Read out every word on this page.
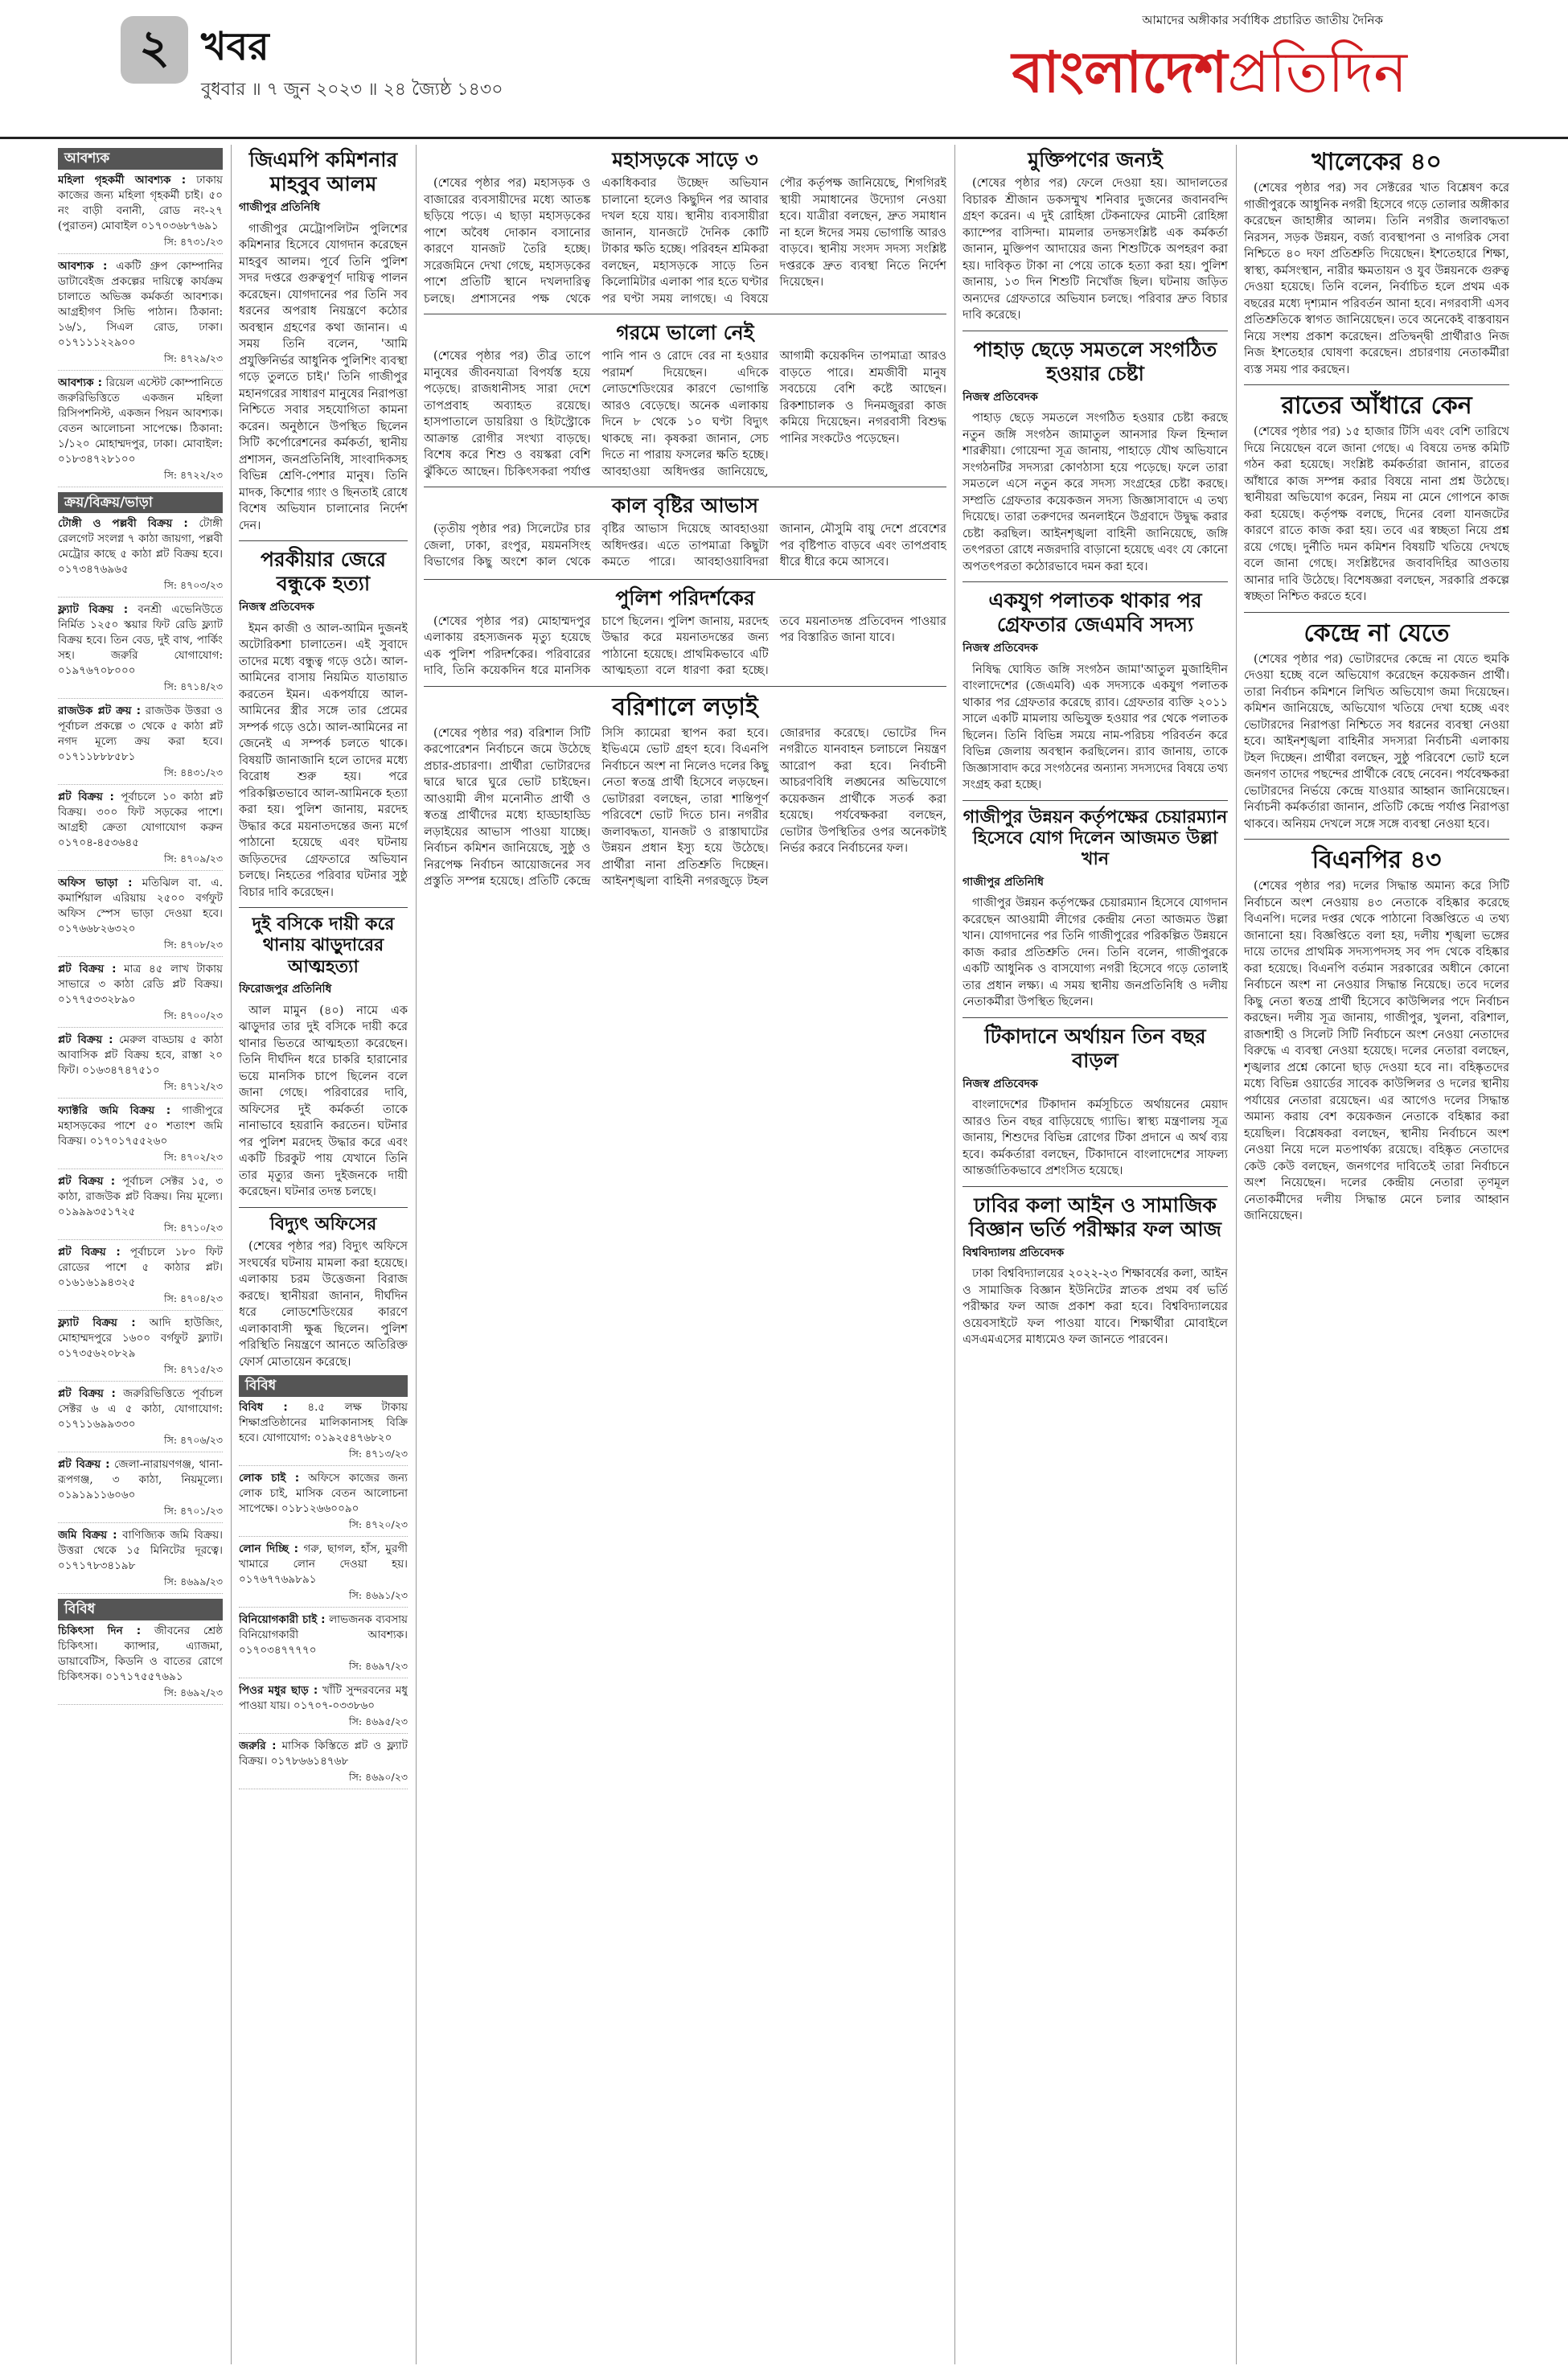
২ খবর
বুধবার ॥ ৭ জুন ২০২৩ ॥ ২৪ জ্যৈষ্ঠ ১৪৩০
আমাদের অঙ্গীকার সর্বাধিক প্রচারিত জাতীয় দৈনিক
বাংলাদেশপ্রতিদিন
আবশ্যক
মহিলা গৃহকর্মী আবশ্যক : ঢাকায় কাজের জন্য মহিলা গৃহকর্মী চাই। ৫০ নং বাড়ী বনানী, রোড নং-২৭ (পুরাতন) মোবাইল ০১৭০৩৬৮৭৬৯১
সি: ৪৭৩১/২৩
আবশ্যক : একটি গ্রুপ কোম্পানির ডাটাবেইজ প্রকল্পের দায়িত্বে কার্যক্রম চালাতে অভিজ্ঞ কর্মকর্তা আবশ্যক। আগ্রহীগণ সিভি পাঠান। ঠিকানা: ১৬/১, সিএল রোড, ঢাকা। ০১৭১১১২২৯০০
সি: ৪৭২৯/২৩
আবশ্যক : রিয়েল এস্টেট কোম্পানিতে জরুরিভিত্তিতে একজন মহিলা রিসিপশনিস্ট, একজন পিয়ন আবশ্যক। বেতন আলোচনা সাপেক্ষে। ঠিকানা: ১/১২০ মোহাম্মদপুর, ঢাকা। মোবাইল: ০১৮৩৪৭২৮১০০
সি: ৪৭২২/২৩
ক্রয়/বিক্রয়/ভাড়া
টোঙ্গী ও পল্লবী বিক্রয় : টোঙ্গী রেলগেট সংলগ্ন ৭ কাঠা জায়গা, পল্লবী মেট্রোর কাছে ৫ কাঠা প্লট বিক্রয় হবে। ০১৭৩৪৭৬৯৬৫
সি: ৪৭০৩/২৩
ফ্ল্যাট বিক্রয় : বনশ্রী এভেনিউতে নির্মিত ১২৫০ স্কয়ার ফিট রেডি ফ্ল্যাট বিক্রয় হবে। তিন বেড, দুই বাথ, পার্কিং সহ। জরুরি যোগাযোগ: ০১৯৭৬৭০৮০০০
সি: ৪৭১৪/২৩
রাজউক প্লট ক্রয় : রাজউক উত্তরা ও পূর্বাচল প্রকল্পে ৩ থেকে ৫ কাঠা প্লট নগদ মূল্যে ক্রয় করা হবে। ০১৭১১৮৮৮৫৮১
সি: ৪৪৩১/২৩
প্লট বিক্রয় : পূর্বাচলে ১০ কাঠা প্লট বিক্রয়। ৩০০ ফিট সড়কের পাশে। আগ্রহী ক্রেতা যোগাযোগ করুন ০১৭০৪-৪৫৩৬৪৫
সি: ৪৭০৯/২৩
অফিস ভাড়া : মতিঝিল বা. এ. কমার্শিয়াল এরিয়ায় ২৫০০ বর্গফুট অফিস স্পেস ভাড়া দেওয়া হবে। ০১৭৬৬৮২৬৩২০
সি: ৪৭০৮/২৩
প্লট বিক্রয় : মাত্র ৪৫ লাখ টাকায় সাভারে ৩ কাঠা রেডি প্লট বিক্রয়। ০১৭৭৫৩৩২৮৯০
সি: ৪৭০০/২৩
প্লট বিক্রয় : মেরুল বাড্ডায় ৫ কাঠা আবাসিক প্লট বিক্রয় হবে, রাস্তা ২০ ফিট। ০১৬৩৪৭৪৭৫১০
সি: ৪৭১২/২৩
ফ্যাক্টরি জমি বিক্রয় : গাজীপুরে মহাসড়কের পাশে ৫০ শতাংশ জমি বিক্রয়। ০১৭০১৭৫৫২৬০
সি: ৪৭০২/২৩
প্লট বিক্রয় : পূর্বাচল সেক্টর ১৫, ৩ কাঠা, রাজউক প্লট বিক্রয়। নিয় মূল্যে। ০১৯৯৯৩৫১৭২৫
সি: ৪৭১০/২৩
প্লট বিক্রয় : পূর্বাচলে ১৮০ ফিট রোডের পাশে ৫ কাঠার প্লট। ০১৬১৬১৯৪৩২৫
সি: ৪৭০৪/২৩
ফ্ল্যাট বিক্রয় : আদি হাউজিং, মোহাম্মদপুরে ১৬০০ বর্গফুট ফ্ল্যাট। ০১৭৩৫৬২০৮২৯
সি: ৪৭১৫/২৩
প্লট বিক্রয় : জরুরিভিত্তিতে পূর্বাচল সেক্টর ৬ এ ৫ কাঠা, যোগাযোগ: ০১৭১১৬৯৯৩৩০
সি: ৪৭০৬/২৩
প্লট বিক্রয় : জেলা-নারায়ণগঞ্জ, থানা-রূপগঞ্জ, ৩ কাঠা, নিয়মূল্যে। ০১৯১৯১১৬০৬০
সি: ৪৭০১/২৩
জমি বিক্রয় : বাণিজ্যিক জমি বিক্রয়। উত্তরা থেকে ১৫ মিনিটের দূরত্বে। ০১৭১৭৮৩৪১৯৮
সি: ৪৬৯৯/২৩
বিবিধ
চিকিৎসা দিন : জীবনের শ্রেষ্ঠ চিকিৎসা। ক্যান্সার, এ্যাজমা, ডায়াবেটিস, কিডনি ও বাতের রোগে চিকিৎসক। ০১৭১৭৫৫৭৬৯১
সি: ৪৬৯২/২৩
জিএমপি কমিশনার মাহবুব আলম
গাজীপুর প্রতিনিধি

গাজীপুর মেট্রোপলিটন পুলিশের কমিশনার হিসেবে যোগদান করেছেন মাহবুব আলম। পূর্বে তিনি পুলিশ সদর দপ্তরে গুরুত্বপূর্ণ দায়িত্ব পালন করেছেন। যোগদানের পর তিনি সব ধরনের অপরাধ নিয়ন্ত্রণে কঠোর অবস্থান গ্রহণের কথা জানান। এ সময় তিনি বলেন, 'আমি প্রযুক্তিনির্ভর আধুনিক পুলিশিং ব্যবস্থা গড়ে তুলতে চাই।' তিনি গাজীপুর মহানগরের সাধারণ মানুষের নিরাপত্তা নিশ্চিতে সবার সহযোগিতা কামনা করেন। অনুষ্ঠানে উপস্থিত ছিলেন সিটি কর্পোরেশনের কর্মকর্তা, স্থানীয় প্রশাসন, জনপ্রতিনিধি, সাংবাদিকসহ বিভিন্ন শ্রেণি-পেশার মানুষ। তিনি মাদক, কিশোর গ্যাং ও ছিনতাই রোধে বিশেষ অভিযান চালানোর নির্দেশ দেন।

পরকীয়ার জেরে বন্ধুকে হত্যা
নিজস্ব প্রতিবেদক

ইমন কাজী ও আল-আমিন দুজনই অটোরিকশা চালাতেন। এই সুবাদে তাদের মধ্যে বন্ধুত্ব গড়ে ওঠে। আল-আমিনের বাসায় নিয়মিত যাতায়াত করতেন ইমন। একপর্যায়ে আল-আমিনের স্ত্রীর সঙ্গে তার প্রেমের সম্পর্ক গড়ে ওঠে। আল-আমিনের না জেনেই এ সম্পর্ক চলতে থাকে। বিষয়টি জানাজানি হলে তাদের মধ্যে বিরোধ শুরু হয়। পরে পরিকল্পিতভাবে আল-আমিনকে হত্যা করা হয়। পুলিশ জানায়, মরদেহ উদ্ধার করে ময়নাতদন্তের জন্য মর্গে পাঠানো হয়েছে এবং ঘটনায় জড়িতদের গ্রেফতারে অভিযান চলছে। নিহতের পরিবার ঘটনার সুষ্ঠু বিচার দাবি করেছেন।

দুই বসিকে দায়ী করে থানায় ঝাড়ুদারের আত্মহত্যা
ফিরোজপুর প্রতিনিধি

আল মামুন (৪০) নামে এক ঝাড়ুদার তার দুই বসিকে দায়ী করে থানার ভিতরে আত্মহত্যা করেছেন। তিনি দীর্ঘদিন ধরে চাকরি হারানোর ভয়ে মানসিক চাপে ছিলেন বলে জানা গেছে। পরিবারের দাবি, অফিসের দুই কর্মকর্তা তাকে নানাভাবে হয়রানি করতেন। ঘটনার পর পুলিশ মরদেহ উদ্ধার করে এবং একটি চিরকুট পায় যেখানে তিনি তার মৃত্যুর জন্য দুইজনকে দায়ী করেছেন। ঘটনার তদন্ত চলছে।

বিদ্যুৎ অফিসের

(শেষের পৃষ্ঠার পর) বিদ্যুৎ অফিসে সংঘর্ষের ঘটনায় মামলা করা হয়েছে। এলাকায় চরম উত্তেজনা বিরাজ করছে। স্থানীয়রা জানান, দীর্ঘদিন ধরে লোডশেডিংয়ের কারণে এলাকাবাসী ক্ষুব্ধ ছিলেন। পুলিশ পরিস্থিতি নিয়ন্ত্রণে আনতে অতিরিক্ত ফোর্স মোতায়েন করেছে।

বিবিধ
বিবিধ : ৪.৫ লক্ষ টাকায় শিক্ষাপ্রতিষ্ঠানের মালিকানাসহ বিক্রি হবে। যোগাযোগ: ০১৯২৫৪৭৬৮২০
সি: ৪৭১৩/২৩
লোক চাই : অফিসে কাজের জন্য লোক চাই, মাসিক বেতন আলোচনা সাপেক্ষে। ০১৮১২৬৬০০৯০
সি: ৪৭২০/২৩
লোন দিচ্ছি : গরু, ছাগল, হাঁস, মুরগী খামারে লোন দেওয়া হয়। ০১৭৬৭৭৬৯৮৯১
সি: ৪৬৯১/২৩
বিনিয়োগকারী চাই : লাভজনক ব্যবসায় বিনিয়োগকারী আবশ্যক। ০১৭০৩৪৭৭৭৭০
সি: ৪৬৯৭/২৩
পিওর মধুর ছাড় : খাঁটি সুন্দরবনের মধু পাওয়া যায়। ০১৭০৭-০৩৩৮৬০
সি: ৪৬৯৫/২৩
জরুরি : মাসিক কিস্তিতে প্লট ও ফ্ল্যাট বিক্রয়। ০১৭৮৬৬১৪৭৬৮
সি: ৪৬৯০/২৩
মহাসড়কে সাড়ে ৩

(শেষের পৃষ্ঠার পর) মহাসড়ক ও বাজারের ব্যবসায়ীদের মধ্যে আতঙ্ক ছড়িয়ে পড়ে। এ ছাড়া মহাসড়কের পাশে অবৈধ দোকান বসানোর কারণে যানজট তৈরি হচ্ছে। সরেজমিনে দেখা গেছে, মহাসড়কের পাশে প্রতিটি স্থানে দখলদারিত্ব চলছে। প্রশাসনের পক্ষ থেকে একাধিকবার উচ্ছেদ অভিযান চালানো হলেও কিছুদিন পর আবার দখল হয়ে যায়। স্থানীয় ব্যবসায়ীরা জানান, যানজটে দৈনিক কোটি টাকার ক্ষতি হচ্ছে। পরিবহন শ্রমিকরা বলছেন, মহাসড়কে সাড়ে তিন কিলোমিটার এলাকা পার হতে ঘণ্টার পর ঘণ্টা সময় লাগছে। এ বিষয়ে পৌর কর্তৃপক্ষ জানিয়েছে, শিগগিরই স্থায়ী সমাধানের উদ্যোগ নেওয়া হবে। যাত্রীরা বলছেন, দ্রুত সমাধান না হলে ঈদের সময় ভোগান্তি আরও বাড়বে। স্থানীয় সংসদ সদস্য সংশ্লিষ্ট দপ্তরকে দ্রুত ব্যবস্থা নিতে নির্দেশ দিয়েছেন।

গরমে ভালো নেই

(শেষের পৃষ্ঠার পর) তীব্র তাপে মানুষের জীবনযাত্রা বিপর্যস্ত হয়ে পড়েছে। রাজধানীসহ সারা দেশে তাপপ্রবাহ অব্যাহত রয়েছে। হাসপাতালে ডায়রিয়া ও হিটস্ট্রোকে আক্রান্ত রোগীর সংখ্যা বাড়ছে। বিশেষ করে শিশু ও বয়স্করা বেশি ঝুঁকিতে আছেন। চিকিৎসকরা পর্যাপ্ত পানি পান ও রোদে বের না হওয়ার পরামর্শ দিয়েছেন। এদিকে লোডশেডিংয়ের কারণে ভোগান্তি আরও বেড়েছে। অনেক এলাকায় দিনে ৮ থেকে ১০ ঘণ্টা বিদ্যুৎ থাকছে না। কৃষকরা জানান, সেচ দিতে না পারায় ফসলের ক্ষতি হচ্ছে। আবহাওয়া অধিদপ্তর জানিয়েছে, আগামী কয়েকদিন তাপমাত্রা আরও বাড়তে পারে। শ্রমজীবী মানুষ সবচেয়ে বেশি কষ্টে আছেন। রিকশাচালক ও দিনমজুররা কাজ কমিয়ে দিয়েছেন। নগরবাসী বিশুদ্ধ পানির সংকটেও পড়েছেন।

কাল বৃষ্টির আভাস

(তৃতীয় পৃষ্ঠার পর) সিলেটের চার জেলা, ঢাকা, রংপুর, ময়মনসিংহ বিভাগের কিছু অংশে কাল থেকে বৃষ্টির আভাস দিয়েছে আবহাওয়া অধিদপ্তর। এতে তাপমাত্রা কিছুটা কমতে পারে। আবহাওয়াবিদরা জানান, মৌসুমি বায়ু দেশে প্রবেশের পর বৃষ্টিপাত বাড়বে এবং তাপপ্রবাহ ধীরে ধীরে কমে আসবে।

পুলিশ পরিদর্শকের

(শেষের পৃষ্ঠার পর) মোহাম্মদপুর এলাকায় রহস্যজনক মৃত্যু হয়েছে এক পুলিশ পরিদর্শকের। পরিবারের দাবি, তিনি কয়েকদিন ধরে মানসিক চাপে ছিলেন। পুলিশ জানায়, মরদেহ উদ্ধার করে ময়নাতদন্তের জন্য পাঠানো হয়েছে। প্রাথমিকভাবে এটি আত্মহত্যা বলে ধারণা করা হচ্ছে। তবে ময়নাতদন্ত প্রতিবেদন পাওয়ার পর বিস্তারিত জানা যাবে।

বরিশালে লড়াই

(শেষের পৃষ্ঠার পর) বরিশাল সিটি করপোরেশন নির্বাচনে জমে উঠেছে প্রচার-প্রচারণা। প্রার্থীরা ভোটারদের দ্বারে দ্বারে ঘুরে ভোট চাইছেন। আওয়ামী লীগ মনোনীত প্রার্থী ও স্বতন্ত্র প্রার্থীদের মধ্যে হাড্ডাহাড্ডি লড়াইয়ের আভাস পাওয়া যাচ্ছে। নির্বাচন কমিশন জানিয়েছে, সুষ্ঠু ও নিরপেক্ষ নির্বাচন আয়োজনের সব প্রস্তুতি সম্পন্ন হয়েছে। প্রতিটি কেন্দ্রে সিসি ক্যামেরা স্থাপন করা হবে। ইভিএমে ভোট গ্রহণ হবে। বিএনপি নির্বাচনে অংশ না নিলেও দলের কিছু নেতা স্বতন্ত্র প্রার্থী হিসেবে লড়ছেন। ভোটাররা বলছেন, তারা শান্তিপূর্ণ পরিবেশে ভোট দিতে চান। নগরীর জলাবদ্ধতা, যানজট ও রাস্তাঘাটের উন্নয়ন প্রধান ইস্যু হয়ে উঠেছে। প্রার্থীরা নানা প্রতিশ্রুতি দিচ্ছেন। আইনশৃঙ্খলা বাহিনী নগরজুড়ে টহল জোরদার করেছে। ভোটের দিন নগরীতে যানবাহন চলাচলে নিয়ন্ত্রণ আরোপ করা হবে। নির্বাচনী আচরণবিধি লঙ্ঘনের অভিযোগে কয়েকজন প্রার্থীকে সতর্ক করা হয়েছে। পর্যবেক্ষকরা বলছেন, ভোটার উপস্থিতির ওপর অনেকটাই নির্ভর করবে নির্বাচনের ফল।

মুক্তিপণের জন্যই

(শেষের পৃষ্ঠার পর) ফেলে দেওয়া হয়। আদালতের বিচারক শ্রীজান ডকসম্মুখ শনিবার দুজনের জবানবন্দি গ্রহণ করেন। এ দুই রোহিঙ্গা টেকনাফের মোচনী রোহিঙ্গা ক্যাম্পের বাসিন্দা। মামলার তদন্তসংশ্লিষ্ট এক কর্মকর্তা জানান, মুক্তিপণ আদায়ের জন্য শিশুটিকে অপহরণ করা হয়। দাবিকৃত টাকা না পেয়ে তাকে হত্যা করা হয়। পুলিশ জানায়, ১৩ দিন শিশুটি নিখোঁজ ছিল। ঘটনায় জড়িত অন্যদের গ্রেফতারে অভিযান চলছে। পরিবার দ্রুত বিচার দাবি করেছে।

পাহাড় ছেড়ে সমতলে সংগঠিত হওয়ার চেষ্টা
নিজস্ব প্রতিবেদক

পাহাড় ছেড়ে সমতলে সংগঠিত হওয়ার চেষ্টা করছে নতুন জঙ্গি সংগঠন জামাতুল আনসার ফিল হিন্দাল শারক্বীয়া। গোয়েন্দা সূত্র জানায়, পাহাড়ে যৌথ অভিযানে সংগঠনটির সদস্যরা কোণঠাসা হয়ে পড়েছে। ফলে তারা সমতলে এসে নতুন করে সদস্য সংগ্রহের চেষ্টা করছে। সম্প্রতি গ্রেফতার কয়েকজন সদস্য জিজ্ঞাসাবাদে এ তথ্য দিয়েছে। তারা তরুণদের অনলাইনে উগ্রবাদে উদ্বুদ্ধ করার চেষ্টা করছিল। আইনশৃঙ্খলা বাহিনী জানিয়েছে, জঙ্গি তৎপরতা রোধে নজরদারি বাড়ানো হয়েছে এবং যে কোনো অপতৎপরতা কঠোরভাবে দমন করা হবে।

একযুগ পলাতক থাকার পর গ্রেফতার জেএমবি সদস্য
নিজস্ব প্রতিবেদক

নিষিদ্ধ ঘোষিত জঙ্গি সংগঠন জামা'আতুল মুজাহিদীন বাংলাদেশের (জেএমবি) এক সদস্যকে একযুগ পলাতক থাকার পর গ্রেফতার করেছে র‌্যাব। গ্রেফতার ব্যক্তি ২০১১ সালে একটি মামলায় অভিযুক্ত হওয়ার পর থেকে পলাতক ছিলেন। তিনি বিভিন্ন সময়ে নাম-পরিচয় পরিবর্তন করে বিভিন্ন জেলায় অবস্থান করছিলেন। র‌্যাব জানায়, তাকে জিজ্ঞাসাবাদ করে সংগঠনের অন্যান্য সদস্যদের বিষয়ে তথ্য সংগ্রহ করা হচ্ছে।

গাজীপুর উন্নয়ন কর্তৃপক্ষের চেয়ারম্যান হিসেবে যোগ দিলেন আজমত উল্লা খান
গাজীপুর প্রতিনিধি

গাজীপুর উন্নয়ন কর্তৃপক্ষের চেয়ারম্যান হিসেবে যোগদান করেছেন আওয়ামী লীগের কেন্দ্রীয় নেতা আজমত উল্লা খান। যোগদানের পর তিনি গাজীপুরের পরিকল্পিত উন্নয়নে কাজ করার প্রতিশ্রুতি দেন। তিনি বলেন, গাজীপুরকে একটি আধুনিক ও বাসযোগ্য নগরী হিসেবে গড়ে তোলাই তার প্রধান লক্ষ্য। এ সময় স্থানীয় জনপ্রতিনিধি ও দলীয় নেতাকর্মীরা উপস্থিত ছিলেন।

টিকাদানে অর্থায়ন তিন বছর বাড়ল
নিজস্ব প্রতিবেদক

বাংলাদেশের টিকাদান কর্মসূচিতে অর্থায়নের মেয়াদ আরও তিন বছর বাড়িয়েছে গ্যাভি। স্বাস্থ্য মন্ত্রণালয় সূত্র জানায়, শিশুদের বিভিন্ন রোগের টিকা প্রদানে এ অর্থ ব্যয় হবে। কর্মকর্তারা বলছেন, টিকাদানে বাংলাদেশের সাফল্য আন্তর্জাতিকভাবে প্রশংসিত হয়েছে।

ঢাবির কলা আইন ও সামাজিক বিজ্ঞান ভর্তি পরীক্ষার ফল আজ
বিশ্ববিদ্যালয় প্রতিবেদক

ঢাকা বিশ্ববিদ্যালয়ের ২০২২-২৩ শিক্ষাবর্ষের কলা, আইন ও সামাজিক বিজ্ঞান ইউনিটের স্নাতক প্রথম বর্ষ ভর্তি পরীক্ষার ফল আজ প্রকাশ করা হবে। বিশ্ববিদ্যালয়ের ওয়েবসাইটে ফল পাওয়া যাবে। শিক্ষার্থীরা মোবাইলে এসএমএসের মাধ্যমেও ফল জানতে পারবেন।

খালেকের ৪০

(শেষের পৃষ্ঠার পর) সব সেক্টরের খাত বিশ্লেষণ করে গাজীপুরকে আধুনিক নগরী হিসেবে গড়ে তোলার অঙ্গীকার করেছেন জাহাঙ্গীর আলম। তিনি নগরীর জলাবদ্ধতা নিরসন, সড়ক উন্নয়ন, বর্জ্য ব্যবস্থাপনা ও নাগরিক সেবা নিশ্চিতে ৪০ দফা প্রতিশ্রুতি দিয়েছেন। ইশতেহারে শিক্ষা, স্বাস্থ্য, কর্মসংস্থান, নারীর ক্ষমতায়ন ও যুব উন্নয়নকে গুরুত্ব দেওয়া হয়েছে। তিনি বলেন, নির্বাচিত হলে প্রথম এক বছরের মধ্যে দৃশ্যমান পরিবর্তন আনা হবে। নগরবাসী এসব প্রতিশ্রুতিকে স্বাগত জানিয়েছেন। তবে অনেকেই বাস্তবায়ন নিয়ে সংশয় প্রকাশ করেছেন। প্রতিদ্বন্দ্বী প্রার্থীরাও নিজ নিজ ইশতেহার ঘোষণা করেছেন। প্রচারণায় নেতাকর্মীরা ব্যস্ত সময় পার করছেন।

রাতের আঁধারে কেন

(শেষের পৃষ্ঠার পর) ১৫ হাজার টিসি এবং বেশি তারিখে দিয়ে নিয়েছেন বলে জানা গেছে। এ বিষয়ে তদন্ত কমিটি গঠন করা হয়েছে। সংশ্লিষ্ট কর্মকর্তারা জানান, রাতের আঁধারে কাজ সম্পন্ন করার বিষয়ে নানা প্রশ্ন উঠেছে। স্থানীয়রা অভিযোগ করেন, নিয়ম না মেনে গোপনে কাজ করা হয়েছে। কর্তৃপক্ষ বলছে, দিনের বেলা যানজটের কারণে রাতে কাজ করা হয়। তবে এর স্বচ্ছতা নিয়ে প্রশ্ন রয়ে গেছে। দুর্নীতি দমন কমিশন বিষয়টি খতিয়ে দেখছে বলে জানা গেছে। সংশ্লিষ্টদের জবাবদিহির আওতায় আনার দাবি উঠেছে। বিশেষজ্ঞরা বলছেন, সরকারি প্রকল্পে স্বচ্ছতা নিশ্চিত করতে হবে।

কেন্দ্রে না যেতে

(শেষের পৃষ্ঠার পর) ভোটারদের কেন্দ্রে না যেতে হুমকি দেওয়া হচ্ছে বলে অভিযোগ করেছেন কয়েকজন প্রার্থী। তারা নির্বাচন কমিশনে লিখিত অভিযোগ জমা দিয়েছেন। কমিশন জানিয়েছে, অভিযোগ খতিয়ে দেখা হচ্ছে এবং ভোটারদের নিরাপত্তা নিশ্চিতে সব ধরনের ব্যবস্থা নেওয়া হবে। আইনশৃঙ্খলা বাহিনীর সদস্যরা নির্বাচনী এলাকায় টহল দিচ্ছেন। প্রার্থীরা বলছেন, সুষ্ঠু পরিবেশে ভোট হলে জনগণ তাদের পছন্দের প্রার্থীকে বেছে নেবেন। পর্যবেক্ষকরা ভোটারদের নির্ভয়ে কেন্দ্রে যাওয়ার আহ্বান জানিয়েছেন। নির্বাচনী কর্মকর্তারা জানান, প্রতিটি কেন্দ্রে পর্যাপ্ত নিরাপত্তা থাকবে। অনিয়ম দেখলে সঙ্গে সঙ্গে ব্যবস্থা নেওয়া হবে।

বিএনপির ৪৩

(শেষের পৃষ্ঠার পর) দলের সিদ্ধান্ত অমান্য করে সিটি নির্বাচনে অংশ নেওয়ায় ৪৩ নেতাকে বহিষ্কার করেছে বিএনপি। দলের দপ্তর থেকে পাঠানো বিজ্ঞপ্তিতে এ তথ্য জানানো হয়। বিজ্ঞপ্তিতে বলা হয়, দলীয় শৃঙ্খলা ভঙ্গের দায়ে তাদের প্রাথমিক সদস্যপদসহ সব পদ থেকে বহিষ্কার করা হয়েছে। বিএনপি বর্তমান সরকারের অধীনে কোনো নির্বাচনে অংশ না নেওয়ার সিদ্ধান্ত নিয়েছে। তবে দলের কিছু নেতা স্বতন্ত্র প্রার্থী হিসেবে কাউন্সিলর পদে নির্বাচন করছেন। দলীয় সূত্র জানায়, গাজীপুর, খুলনা, বরিশাল, রাজশাহী ও সিলেট সিটি নির্বাচনে অংশ নেওয়া নেতাদের বিরুদ্ধে এ ব্যবস্থা নেওয়া হয়েছে। দলের নেতারা বলছেন, শৃঙ্খলার প্রশ্নে কোনো ছাড় দেওয়া হবে না। বহিষ্কৃতদের মধ্যে বিভিন্ন ওয়ার্ডের সাবেক কাউন্সিলর ও দলের স্থানীয় পর্যায়ের নেতারা রয়েছেন। এর আগেও দলের সিদ্ধান্ত অমান্য করায় বেশ কয়েকজন নেতাকে বহিষ্কার করা হয়েছিল। বিশ্লেষকরা বলছেন, স্থানীয় নির্বাচনে অংশ নেওয়া নিয়ে দলে মতপার্থক্য রয়েছে। বহিষ্কৃত নেতাদের কেউ কেউ বলছেন, জনগণের দাবিতেই তারা নির্বাচনে অংশ নিয়েছেন। দলের কেন্দ্রীয় নেতারা তৃণমূল নেতাকর্মীদের দলীয় সিদ্ধান্ত মেনে চলার আহ্বান জানিয়েছেন।
